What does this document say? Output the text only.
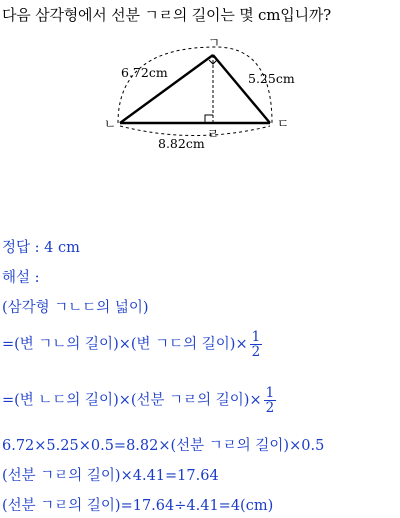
다음 삼각형에서 선분 ㄱㄹ의 길이는 몇 cm입니까?
ㄱ
ㄴ	ㄷ
ㄹ
6.72cm	5.25cm
8.82cm
정답 : 4 cm
해설 :
(삼각형 ㄱㄴㄷ의 넓이)
=(변 ㄱㄴ의 길이)×(변 ㄱㄷ의 길이)× $\frac{1}{2}$
=(변 ㄴㄷ의 길이)×(선분 ㄱㄹ의 길이)× $\frac{1}{2}$
6.72×5.25×0.5=8.82×(선분 ㄱㄹ의 길이)×0.5
(선분 ㄱㄹ의 길이)×4.41=17.64
(선분 ㄱㄹ의 길이)=17.64÷4.41=4(cm)
